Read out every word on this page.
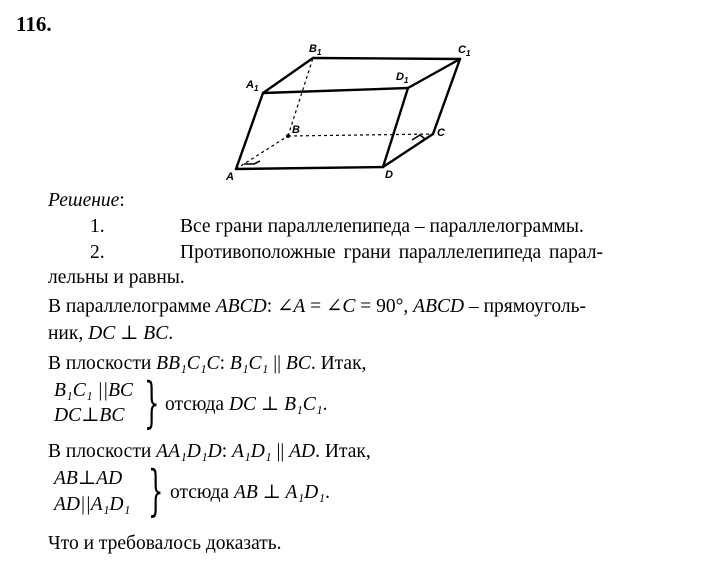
116.
$B_1$	$C_1$
$A_1$
$D_1$
B	C
A	D
Решение:
1.	Все грани параллелепипеда – параллелограммы.
2.	Противоположные грани параллелепипеда парал-
лельны и равны.
В параллелограмме ABCD: ∠A = ∠C = 90°, ABCD – прямоуголь-
ник, DC ⊥ BC.
В плоскости BB₁C₁C: B₁C₁ || BC. Итак,
B₁C₁ ||BC
DC⊥BC } отсюда DC ⊥ B₁C₁.
В плоскости AA₁D₁D: A₁D₁ || AD. Итак,
AB⊥AD
AD||A₁D₁ } отсюда AB ⊥ A₁D₁.
Что и требовалось доказать.
